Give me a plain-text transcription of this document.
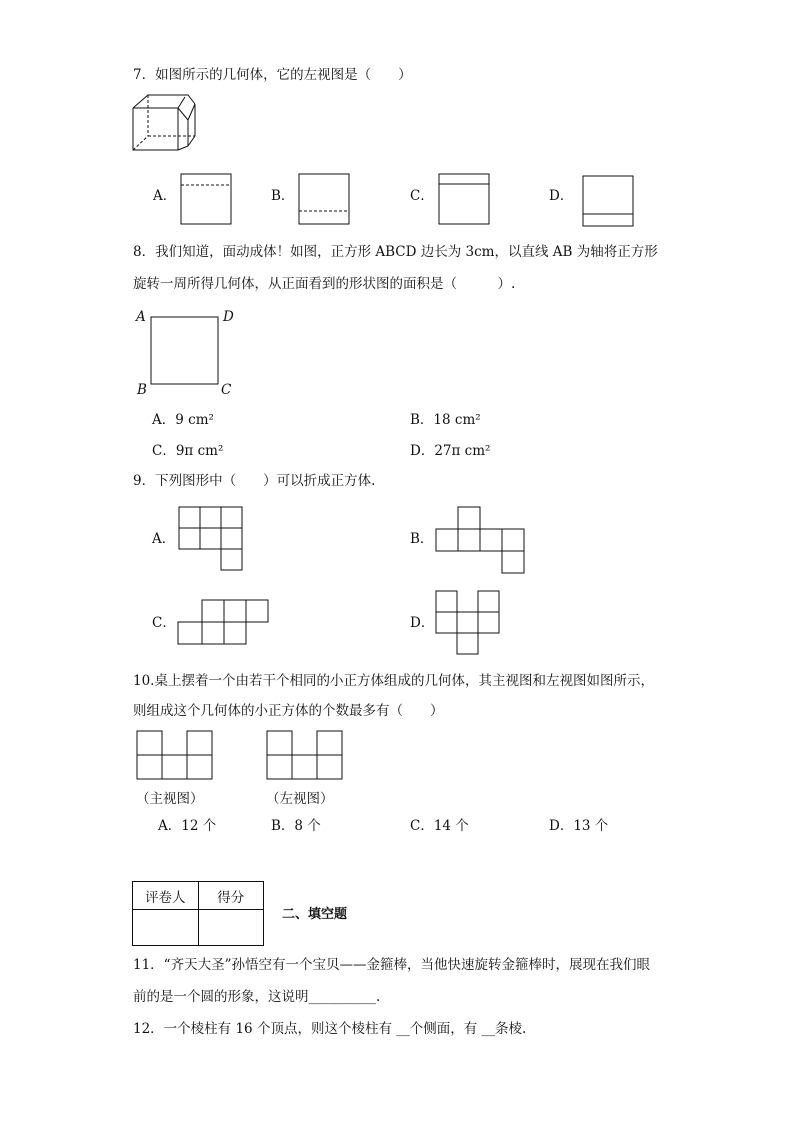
7．如图所示的几何体，它的左视图是（　　）
A．	B．	C．	D．
8．我们知道，面动成体！如图，正方形 ABCD 边长为 3cm，以直线 AB 为轴将正方形
旋转一周所得几何体，从正面看到的形状图的面积是（　　　）.
A	D
B	C
A．9 cm²	B．18 cm²
C．9π cm²	D．27π cm²
9．下列图形中（　　）可以折成正方体.
A．	B．
C．	D．
10.桌上摆着一个由若干个相同的小正方体组成的几何体，其主视图和左视图如图所示，
则组成这个几何体的小正方体的个数最多有（　　）
（主视图）	（左视图）
A．12 个	B．8 个	C．14 个	D．13 个
评卷人	得分

二、填空题
11．“齐天大圣”孙悟空有一个宝贝——金箍棒，当他快速旋转金箍棒时，展现在我们眼
前的是一个圆的形象，这说明__________.
12．一个棱柱有 16 个顶点，则这个棱柱有 __个侧面，有 __条棱.
